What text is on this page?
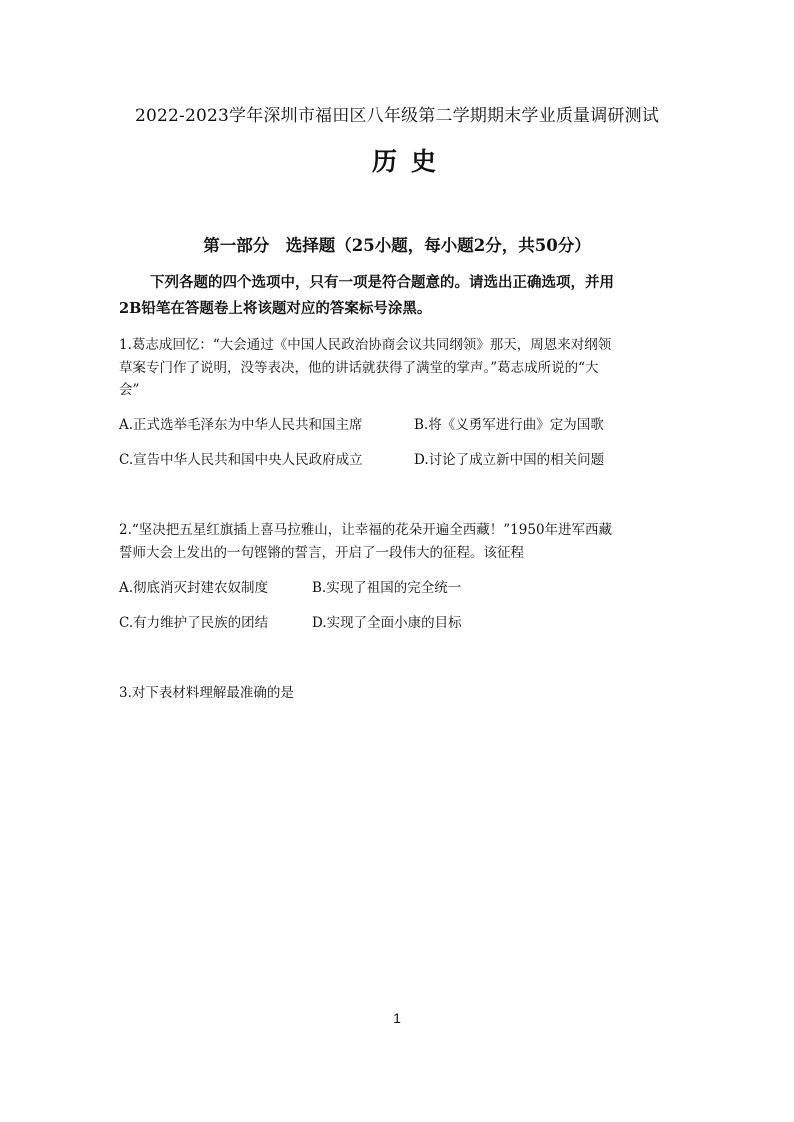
2022-2023学年深圳市福田区八年级第二学期期末学业质量调研测试
历史
第一部分　选择题（25小题，每小题2分，共50分）
下列各题的四个选项中，只有一项是符合题意的。请选出正确选项，并用
2B铅笔在答题卷上将该题对应的答案标号涂黑。
1.葛志成回忆：“大会通过《中国人民政治协商会议共同纲领》那天，周恩来对纲领
草案专门作了说明，没等表决，他的讲话就获得了满堂的掌声。”葛志成所说的“大
会”
A.正式选举毛泽东为中华人民共和国主席	B.将《义勇军进行曲》定为国歌
C.宣告中华人民共和国中央人民政府成立	D.讨论了成立新中国的相关问题
2.“坚决把五星红旗插上喜马拉雅山，让幸福的花朵开遍全西藏！”1950年进军西藏
誓师大会上发出的一句铿锵的誓言，开启了一段伟大的征程。该征程
A.彻底消灭封建农奴制度	B.实现了祖国的完全统一
C.有力维护了民族的团结	D.实现了全面小康的目标
3.对下表材料理解最准确的是
1
